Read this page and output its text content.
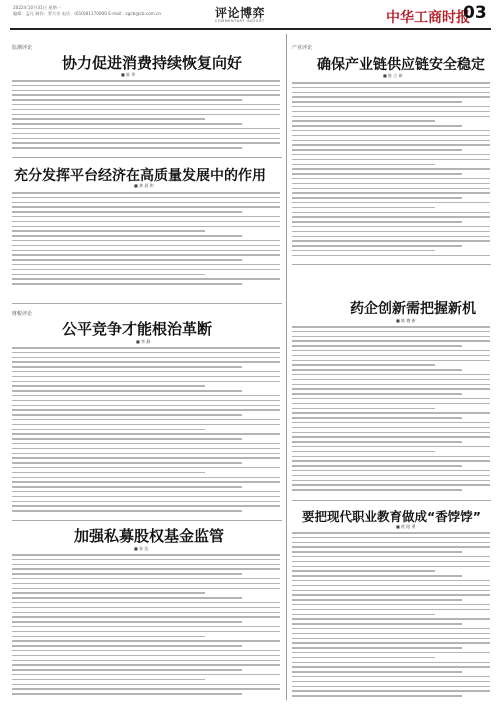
2022年10月31日 星期一
编辑：孟凡 制作：罗方芳 电话：(010)81170000 E-mail：zgcb@cb.com.cn	评论博弈
COMMENTARY INSIGHT	中华工商时报
03
监测评论
协力促进消费持续恢复向好
■ 陈 华
充分发挥平台经济在高质量发展中的作用
■ 龚 晨 和
财税评论
公平竞争才能根治革断
■ 李 静
加强私募股权基金监管
■ 张 达
产业评论
确保产业链供应链安全稳定
■ 陈 立 新
药企创新需把握新机
■ 陈 德 新
要把现代职业教育做成“香饽饽”
■ 欧 阳 勇
